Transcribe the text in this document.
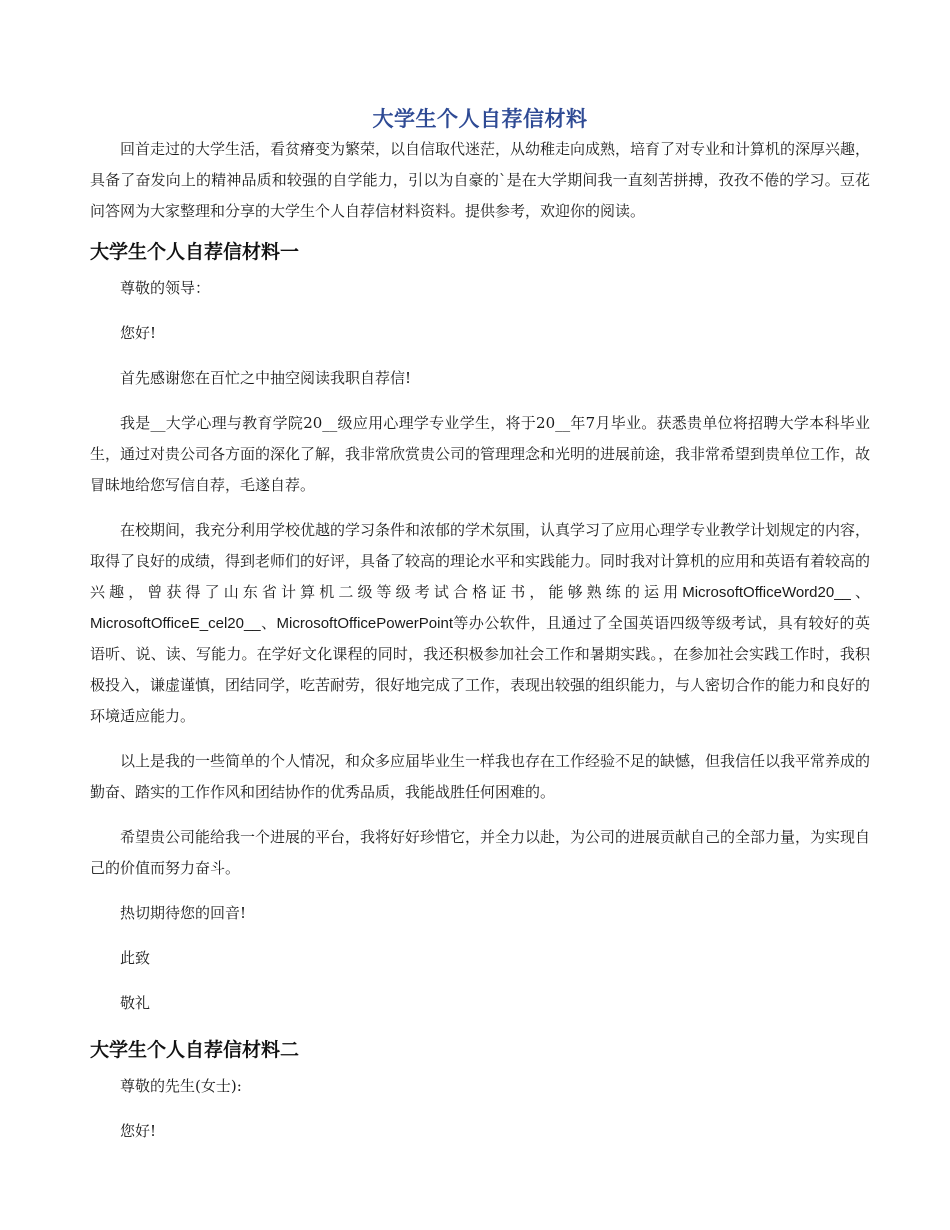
大学生个人自荐信材料

回首走过的大学生活，看贫瘠变为繁荣，以自信取代迷茫，从幼稚走向成熟，培育了对专业和计算机的深厚兴趣，具备了奋发向上的精神品质和较强的自学能力，引以为自豪的`是在大学期间我一直刻苦拼搏，孜孜不倦的学习。豆花问答网为大家整理和分享的大学生个人自荐信材料资料。提供参考，欢迎你的阅读。

大学生个人自荐信材料一

尊敬的领导：

您好!

首先感谢您在百忙之中抽空阅读我职自荐信!

我是__大学心理与教育学院20__级应用心理学专业学生，将于20__年7月毕业。获悉贵单位将招聘大学本科毕业生，通过对贵公司各方面的深化了解，我非常欣赏贵公司的管理理念和光明的进展前途，我非常希望到贵单位工作，故冒昧地给您写信自荐，毛遂自荐。

在校期间，我充分利用学校优越的学习条件和浓郁的学术氛围，认真学习了应用心理学专业教学计划规定的内容，取得了良好的成绩，得到老师们的好评，具备了较高的理论水平和实践能力。同时我对计算机的应用和英语有着较高的兴趣，曾获得了山东省计算机二级等级考试合格证书，能够熟练的运用MicrosoftOfficeWord20__、MicrosoftOfficeE_cel20__、MicrosoftOfficePowerPoint等办公软件，且通过了全国英语四级等级考试，具有较好的英语听、说、读、写能力。在学好文化课程的同时，我还积极参加社会工作和暑期实践。，在参加社会实践工作时，我积极投入，谦虚谨慎，团结同学，吃苦耐劳，很好地完成了工作，表现出较强的组织能力，与人密切合作的能力和良好的环境适应能力。

以上是我的一些简单的个人情况，和众多应届毕业生一样我也存在工作经验不足的缺憾，但我信任以我平常养成的勤奋、踏实的工作作风和团结协作的优秀品质，我能战胜任何困难的。

希望贵公司能给我一个进展的平台，我将好好珍惜它，并全力以赴，为公司的进展贡献自己的全部力量，为实现自己的价值而努力奋斗。

热切期待您的回音!

此致

敬礼

大学生个人自荐信材料二

尊敬的先生(女士):

您好!
